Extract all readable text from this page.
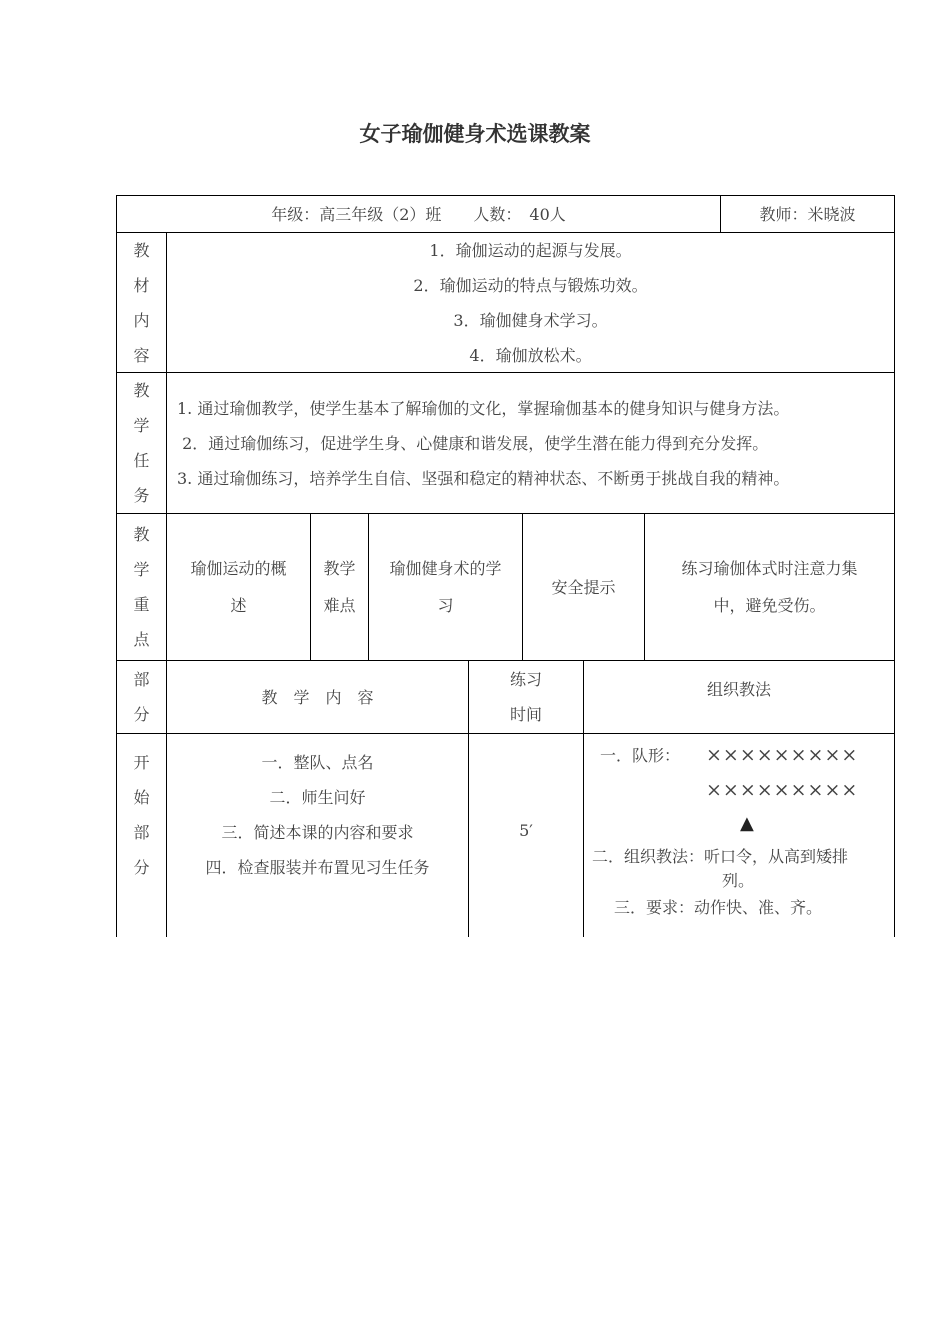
女子瑜伽健身术选课教案
年级：高三年级（2）班　　人数：　40人	教师：米晓波
教
材
内
容
1．瑜伽运动的起源与发展。
2．瑜伽运动的特点与锻炼功效。
3．瑜伽健身术学习。
4．瑜伽放松术。
教
学
任
务
1. 通过瑜伽教学，使学生基本了解瑜伽的文化，掌握瑜伽基本的健身知识与健身方法。
2．通过瑜伽练习，促进学生身、心健康和谐发展，使学生潜在能力得到充分发挥。
3. 通过瑜伽练习，培养学生自信、坚强和稳定的精神状态、不断勇于挑战自我的精神。
教
学
重
点
瑜伽运动的概
述
教学
难点
瑜伽健身术的学
习
安全提示
练习瑜伽体式时注意力集
中，避免受伤。
部
分
教　学　内　容
练习
时间
组织教法
开
始
部
分
一．整队、点名
二．师生问好
三．简述本课的内容和要求
四．检查服装并布置见习生任务
5′
一．队形： ×××××××××
×××××××××
▲
二．组织教法：听口令，从高到矮排
列。
三．要求：动作快、准、齐。
